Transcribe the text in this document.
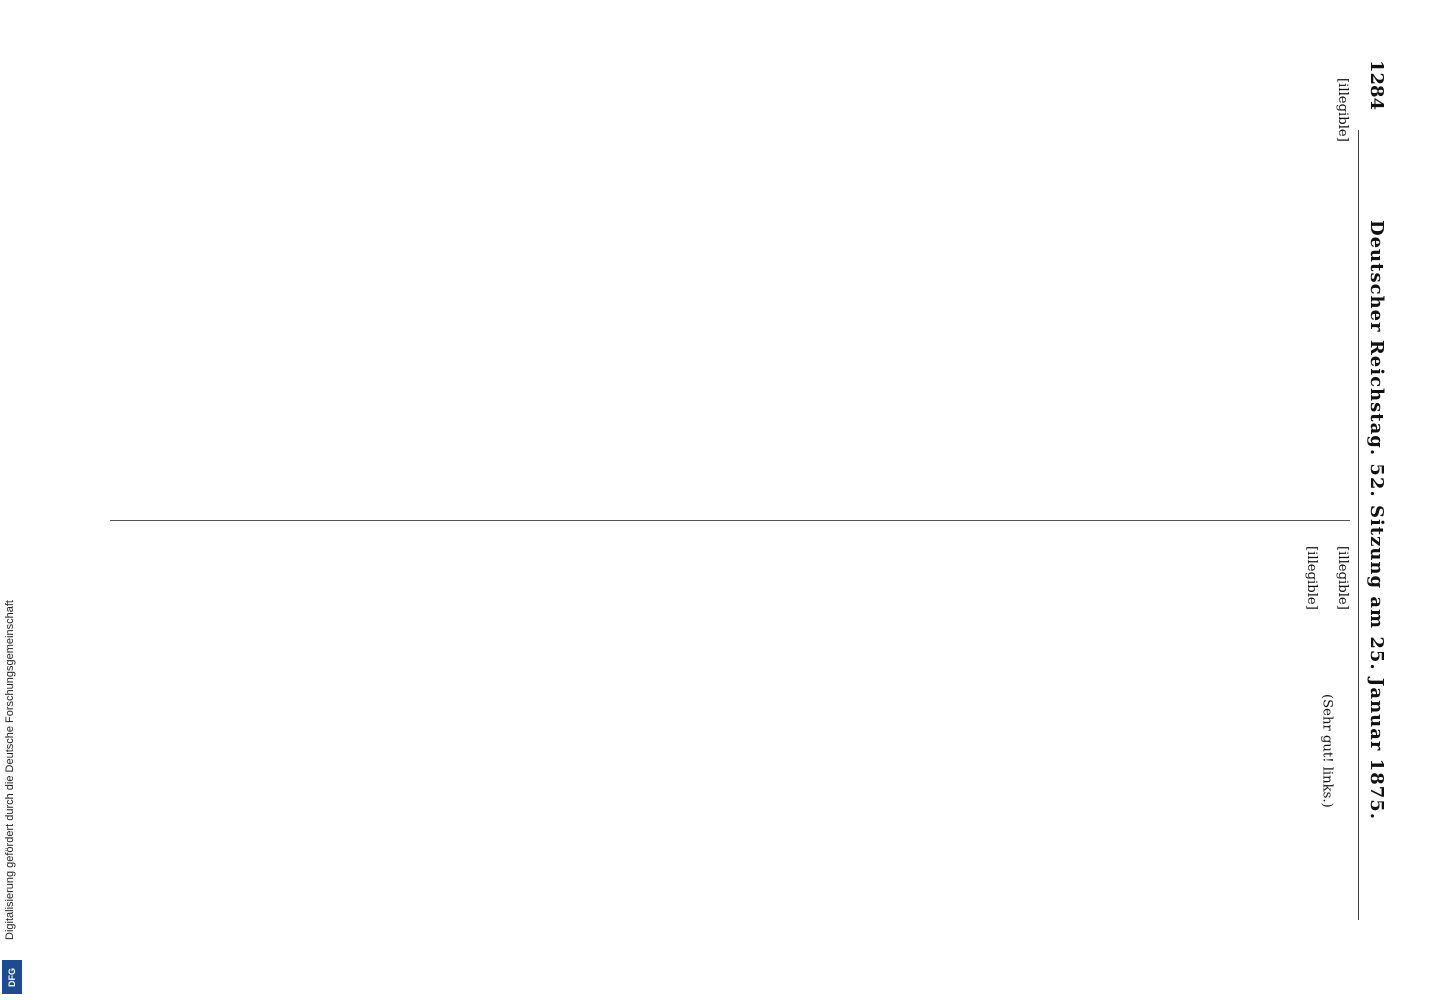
1284
Deutscher Reichstag. 52. Sitzung am 25. Januar 1875.

[illegible]

[illegible]

(Sehr gut! links.)

[illegible]

Digitalisierung gefördert durch die Deutsche Forschungsgemeinschaft
DFG
